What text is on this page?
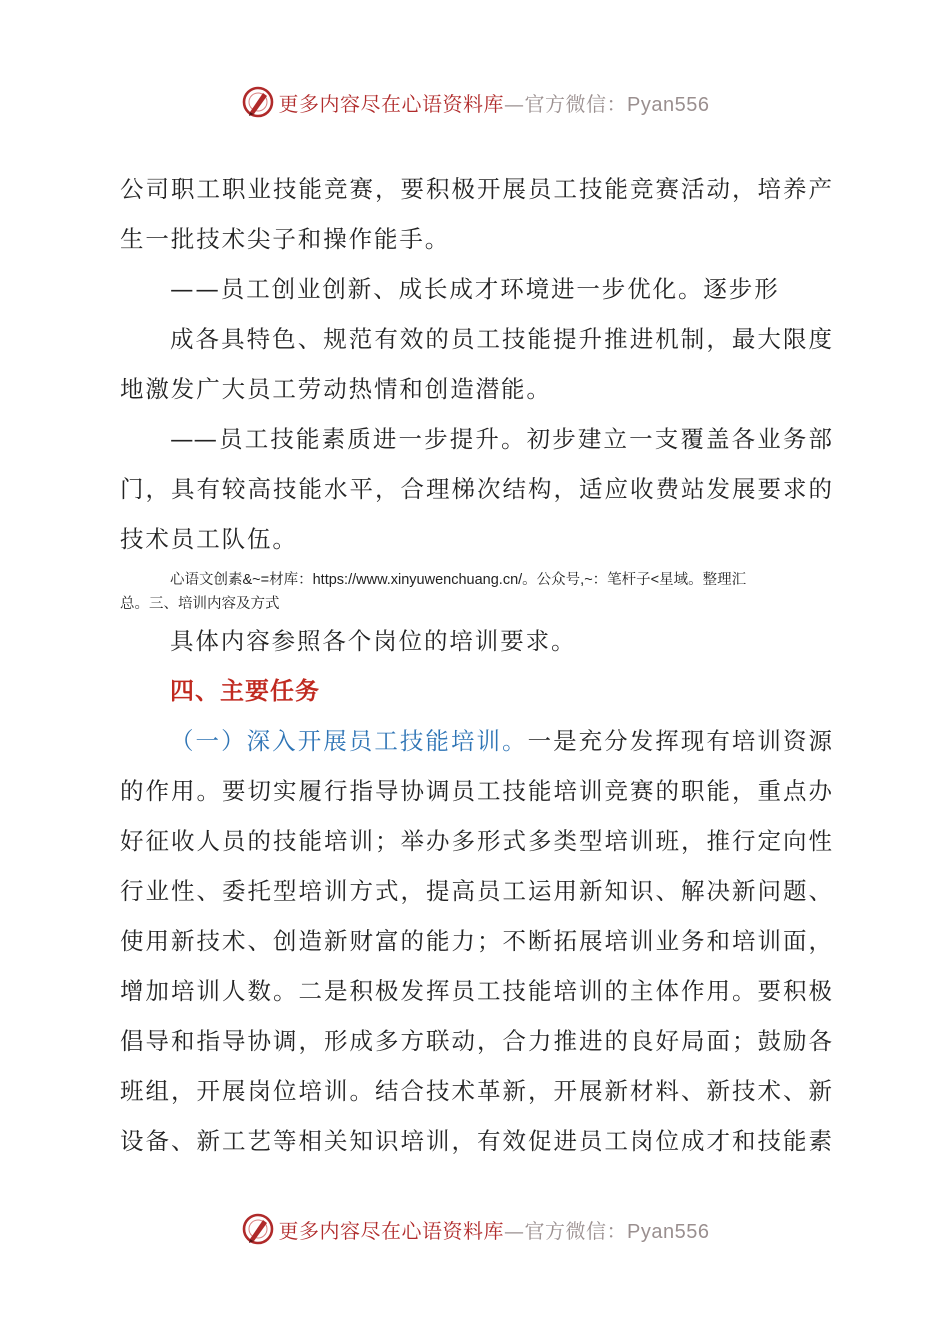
更多内容尽在心语资料库—官方微信：Pyan556
公司职工职业技能竞赛，要积极开展员工技能竞赛活动，培养产
生一批技术尖子和操作能手。
——员工创业创新、成长成才环境进一步优化。逐步形
成各具特色、规范有效的员工技能提升推进机制，最大限度
地激发广大员工劳动热情和创造潜能。
——员工技能素质进一步提升。初步建立一支覆盖各业务部
门，具有较高技能水平，合理梯次结构，适应收费站发展要求的
技术员工队伍。
心语文创素&~=材库：https://www.xinyuwenchuang.cn/。公众号,~：笔杆子<星域。整理汇
总。三、培训内容及方式
具体内容参照各个岗位的培训要求。
四、主要任务
（一）深入开展员工技能培训。一是充分发挥现有培训资源
的作用。要切实履行指导协调员工技能培训竞赛的职能，重点办
好征收人员的技能培训；举办多形式多类型培训班，推行定向性
行业性、委托型培训方式，提高员工运用新知识、解决新问题、
使用新技术、创造新财富的能力；不断拓展培训业务和培训面，
增加培训人数。二是积极发挥员工技能培训的主体作用。要积极
倡导和指导协调，形成多方联动，合力推进的良好局面；鼓励各
班组，开展岗位培训。结合技术革新，开展新材料、新技术、新
设备、新工艺等相关知识培训，有效促进员工岗位成才和技能素
更多内容尽在心语资料库—官方微信：Pyan556
